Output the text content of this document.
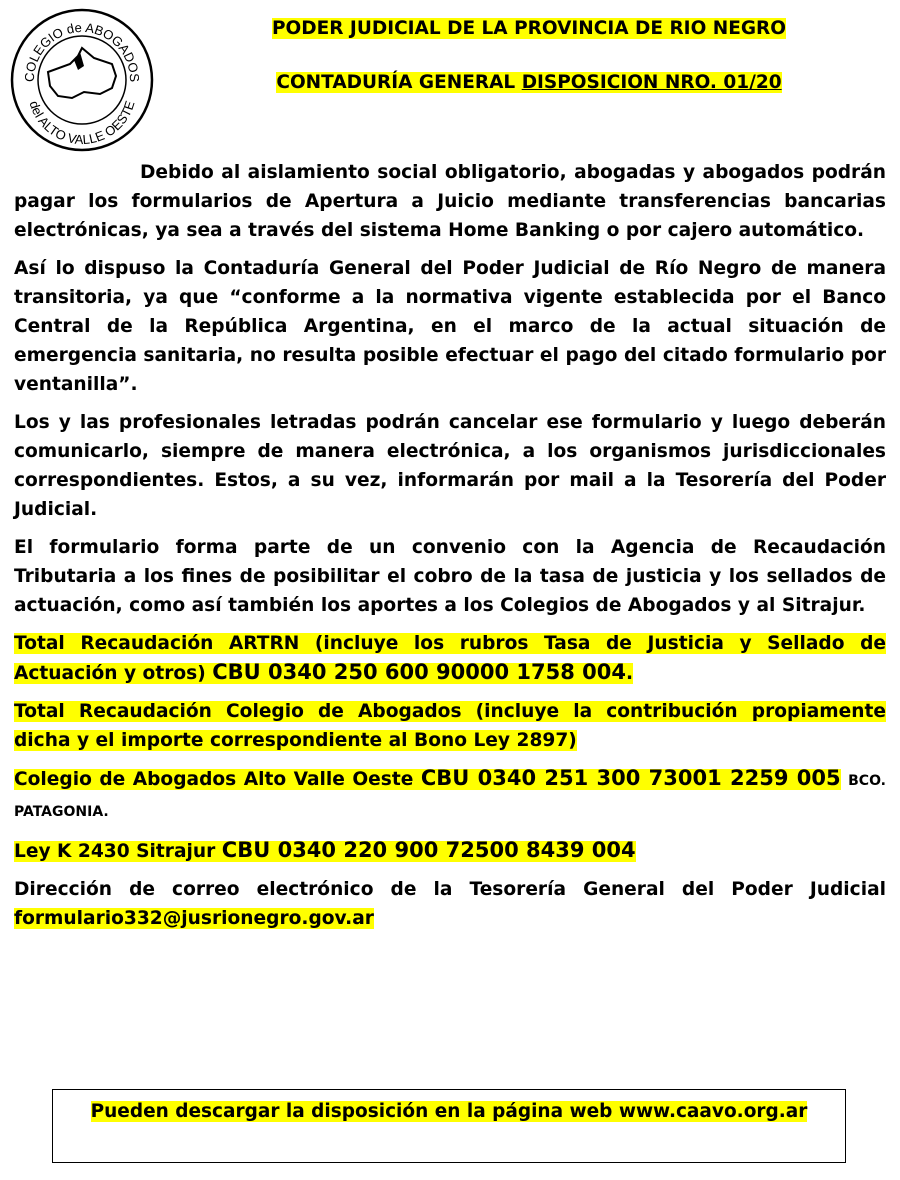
COLEGIO de ABOGADOS
del ALTO VALLE OESTE
PODER JUDICIAL DE LA PROVINCIA DE RIO NEGRO
CONTADURÍA GENERAL DISPOSICION NRO. 01/20

Debido al aislamiento social obligatorio, abogadas y abogados podrán pagar los formularios de Apertura a Juicio mediante transferencias bancarias electrónicas, ya sea a través del sistema Home Banking o por cajero automático.

Así lo dispuso la Contaduría General del Poder Judicial de Río Negro de manera transitoria, ya que “conforme a la normativa vigente establecida por el Banco Central de la República Argentina, en el marco de la actual situación de emergencia sanitaria, no resulta posible efectuar el pago del citado formulario por ventanilla”.

Los y las profesionales letradas podrán cancelar ese formulario y luego deberán comunicarlo, siempre de manera electrónica, a los organismos jurisdiccionales correspondientes. Estos, a su vez, informarán por mail a la Tesorería del Poder Judicial.

El formulario forma parte de un convenio con la Agencia de Recaudación Tributaria a los fines de posibilitar el cobro de la tasa de justicia y los sellados de actuación, como así también los aportes a los Colegios de Abogados y al Sitrajur.

Total Recaudación ARTRN (incluye los rubros Tasa de Justicia y Sellado de Actuación y otros) CBU 0340 250 600 90000 1758 004.

Total Recaudación Colegio de Abogados (incluye la contribución propiamente dicha y el importe correspondiente al Bono Ley 2897)

Colegio de Abogados Alto Valle Oeste CBU 0340 251 300 73001 2259 005 BCO. PATAGONIA.

Ley K 2430 Sitrajur CBU 0340 220 900 72500 8439 004

Dirección de correo electrónico de la Tesorería General del Poder Judicial formulario332@jusrionegro.gov.ar

Pueden descargar la disposición en la página web www.caavo.org.ar
